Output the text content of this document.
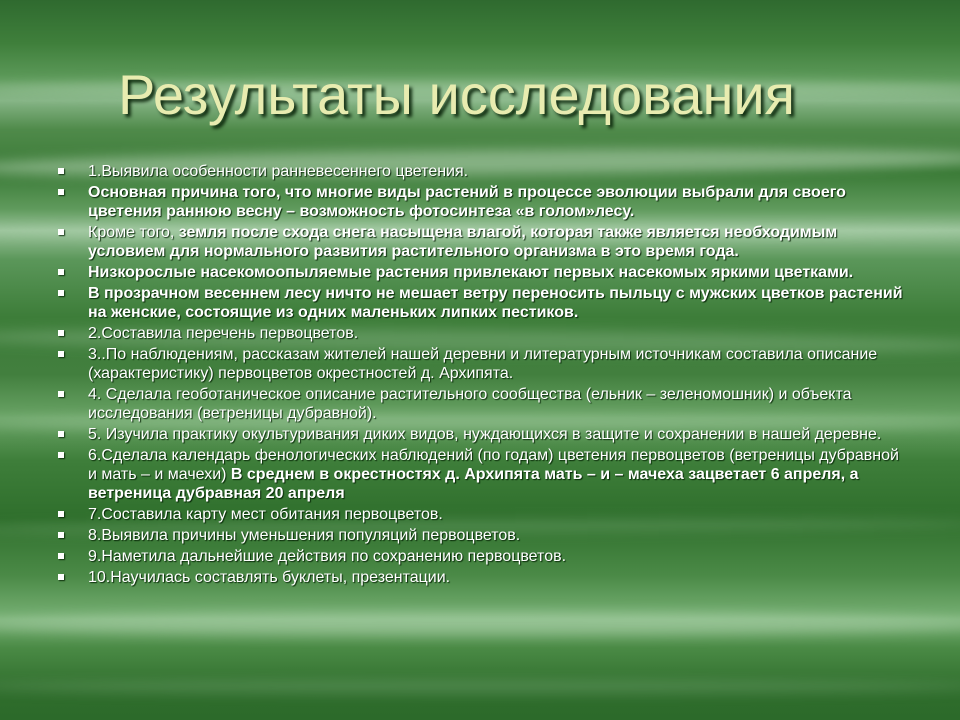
Результаты исследования
1.Выявила особенности ранневесеннего цветения.
Основная причина того, что многие виды растений в процессе эволюции выбрали для своего цветения раннюю весну – возможность фотосинтеза «в голом»лесу.
Кроме того, земля после схода снега насыщена влагой, которая также является необходимым условием для нормального развития растительного организма в это время года.
Низкорослые насекомоопыляемые растения привлекают первых насекомых яркими цветками.
В прозрачном весеннем лесу ничто не мешает ветру переносить пыльцу с мужских цветков растений на женские, состоящие из одних маленьких липких пестиков.
2.Составила перечень первоцветов.
3..По наблюдениям, рассказам жителей нашей деревни и литературным источникам составила описание (характеристику) первоцветов окрестностей д. Архипята.
4. Сделала геоботаническое описание растительного сообщества (ельник – зеленомошник) и объекта исследования (ветреницы дубравной).
5. Изучила практику окультуривания диких видов, нуждающихся в защите и сохранении в нашей деревне.
6.Сделала календарь фенологических наблюдений (по годам) цветения первоцветов (ветреницы дубравной и мать – и мачехи) В среднем в окрестностях д. Архипята мать – и – мачеха зацветает 6 апреля, а ветреница дубравная 20 апреля
7.Составила карту мест обитания первоцветов.
8.Выявила причины уменьшения популяций первоцветов.
9.Наметила дальнейшие действия по сохранению первоцветов.
10.Научилась составлять буклеты, презентации.
